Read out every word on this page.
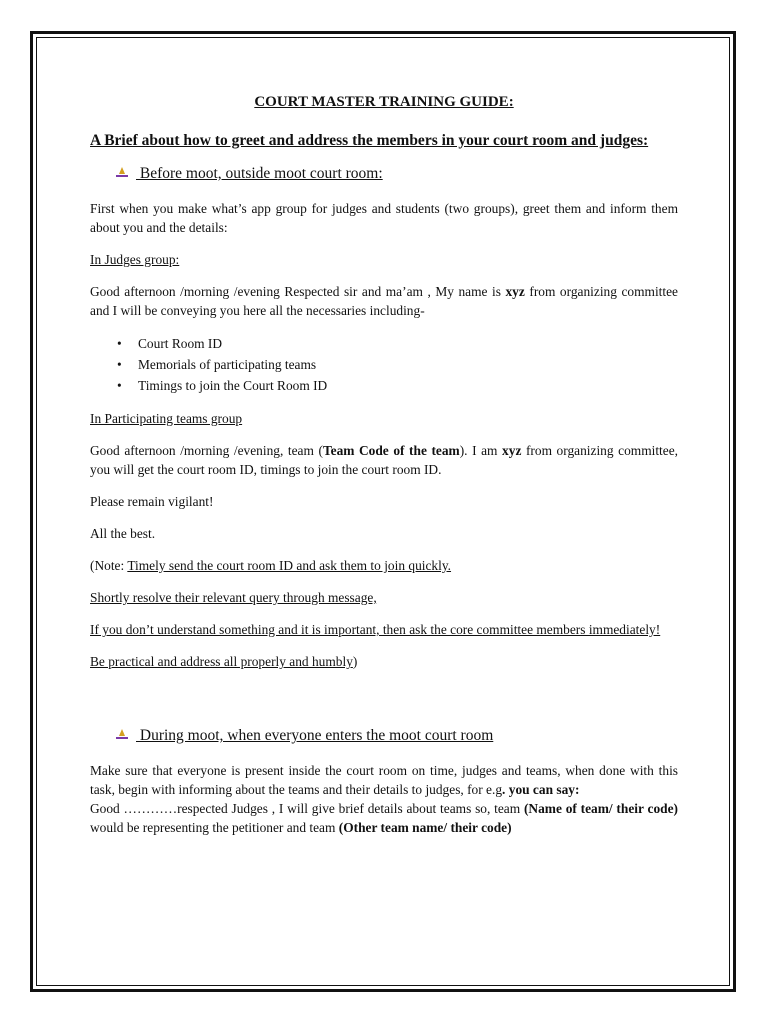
COURT MASTER TRAINING GUIDE:

A Brief about how to greet and address the members in your court room and judges:

Before moot, outside moot court room:

First when you make what’s app group for judges and students (two groups), greet them and inform them about you and the details:

In Judges group:

Good afternoon /morning /evening Respected sir and ma’am , My name is xyz from organizing committee and I will be conveying you here all the necessaries including-

• Court Room ID
• Memorials of participating teams
• Timings to join the Court Room ID

In Participating teams group

Good afternoon /morning /evening, team (Team Code of the team). I am xyz from organizing committee, you will get the court room ID, timings to join the court room ID.

Please remain vigilant!

All the best.

(Note: Timely send the court room ID and ask them to join quickly.

Shortly resolve their relevant query through message,

If you don’t understand something and it is important, then ask the core committee members immediately!

Be practical and address all properly and humbly)

During moot, when everyone enters the moot court room

Make sure that everyone is present inside the court room on time, judges and teams, when done with this task, begin with informing about the teams and their details to judges, for e.g. you can say:

Good …………respected Judges , I will give brief details about teams so, team (Name of team/ their code) would be representing the petitioner and team (Other team name/ their code)
